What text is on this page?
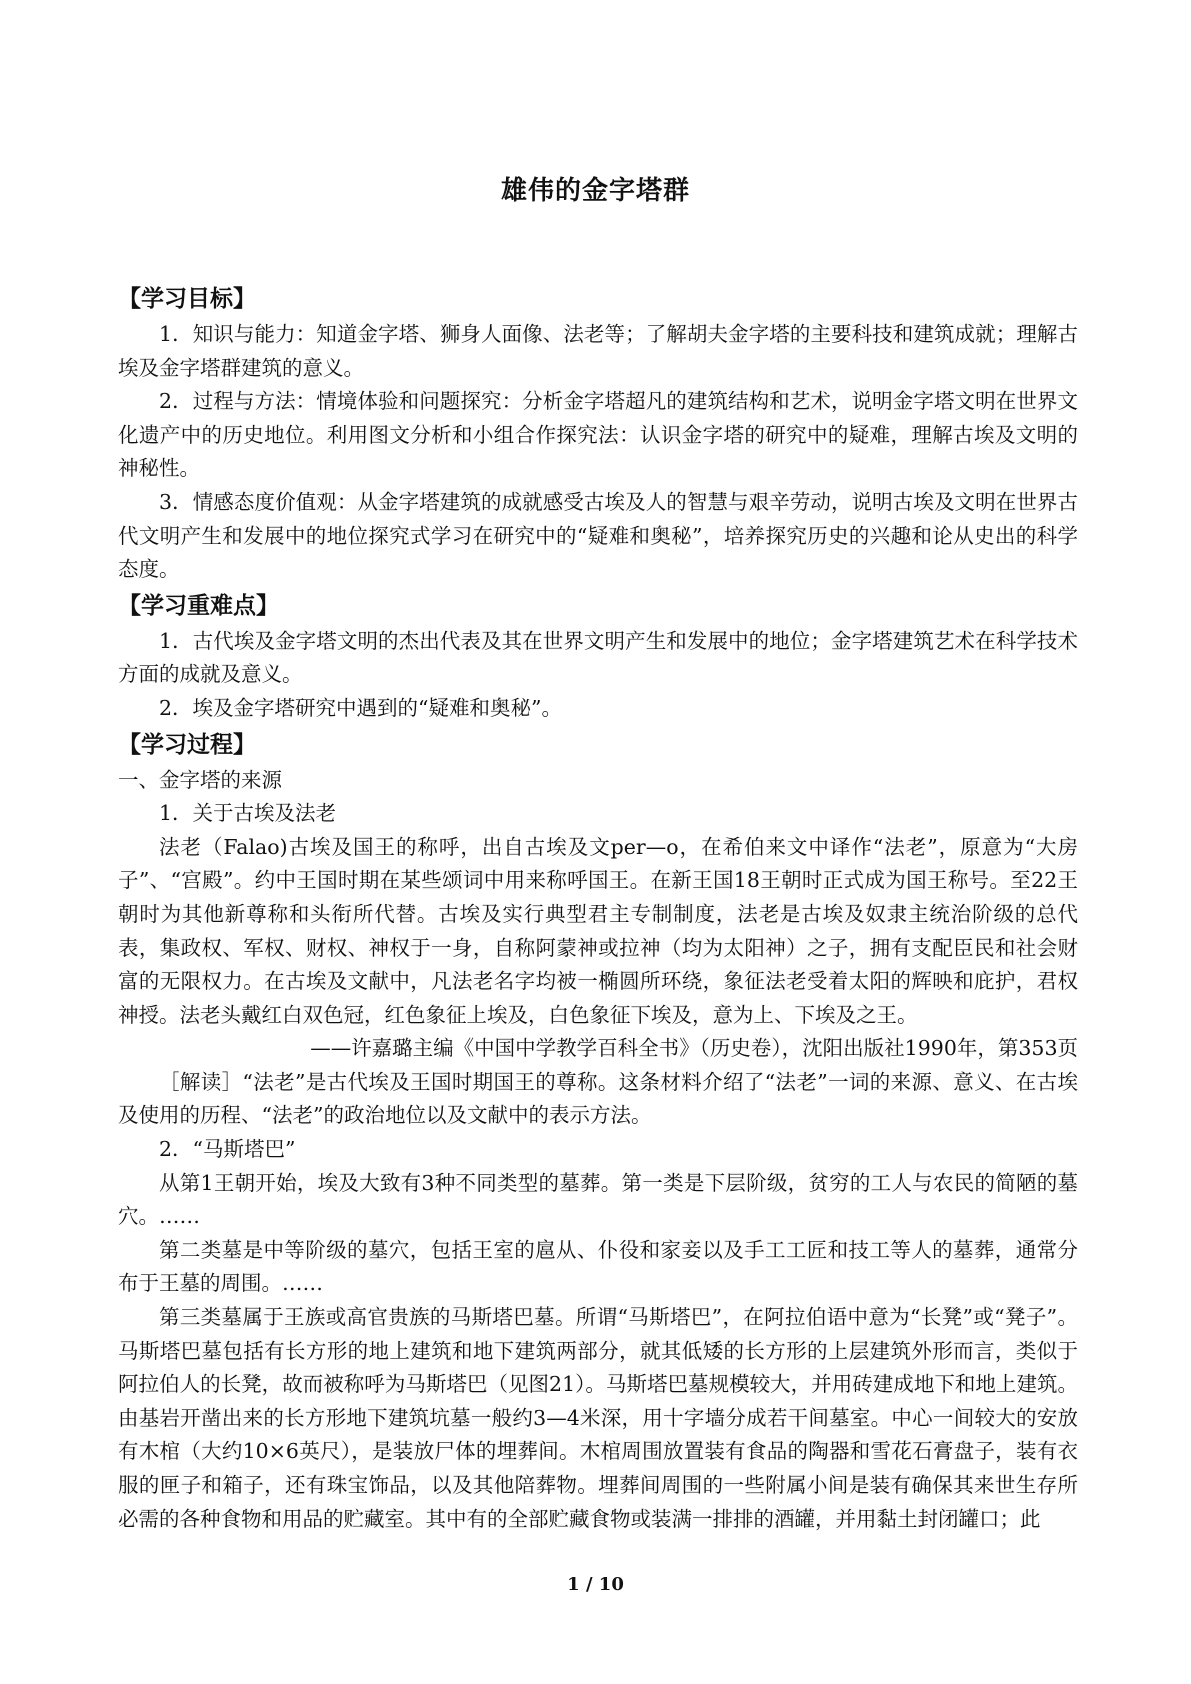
雄伟的金字塔群
【学习目标】

1．知识与能力：知道金字塔、狮身人面像、法老等；了解胡夫金字塔的主要科技和建筑成就；理解古埃及金字塔群建筑的意义。

2．过程与方法：情境体验和问题探究：分析金字塔超凡的建筑结构和艺术，说明金字塔文明在世界文化遗产中的历史地位。利用图文分析和小组合作探究法：认识金字塔的研究中的疑难，理解古埃及文明的神秘性。

3．情感态度价值观：从金字塔建筑的成就感受古埃及人的智慧与艰辛劳动，说明古埃及文明在世界古代文明产生和发展中的地位探究式学习在研究中的“疑难和奥秘”，培养探究历史的兴趣和论从史出的科学态度。

【学习重难点】

1．古代埃及金字塔文明的杰出代表及其在世界文明产生和发展中的地位；金字塔建筑艺术在科学技术方面的成就及意义。

2．埃及金字塔研究中遇到的“疑难和奥秘”。

【学习过程】

一、金字塔的来源

1．关于古埃及法老

法老（Falao)古埃及国王的称呼，出自古埃及文per—o，在希伯来文中译作“法老”，原意为“大房子”、“宫殿”。约中王国时期在某些颂词中用来称呼国王。在新王国18王朝时正式成为国王称号。至22王朝时为其他新尊称和头衔所代替。古埃及实行典型君主专制制度，法老是古埃及奴隶主统治阶级的总代表，集政权、军权、财权、神权于一身，自称阿蒙神或拉神（均为太阳神）之子，拥有支配臣民和社会财富的无限权力。在古埃及文献中，凡法老名字均被一椭圆所环绕，象征法老受着太阳的辉映和庇护，君权神授。法老头戴红白双色冠，红色象征上埃及，白色象征下埃及，意为上、下埃及之王。

——许嘉璐主编《中国中学教学百科全书》（历史卷），沈阳出版社1990年，第353页

［解读］“法老”是古代埃及王国时期国王的尊称。这条材料介绍了“法老”一词的来源、意义、在古埃及使用的历程、“法老”的政治地位以及文献中的表示方法。

2．“马斯塔巴”

从第1王朝开始，埃及大致有3种不同类型的墓葬。第一类是下层阶级，贫穷的工人与农民的简陋的墓穴。……

第二类墓是中等阶级的墓穴，包括王室的扈从、仆役和家妾以及手工工匠和技工等人的墓葬，通常分布于王墓的周围。……

第三类墓属于王族或高官贵族的马斯塔巴墓。所谓“马斯塔巴”，在阿拉伯语中意为“长凳”或“凳子”。马斯塔巴墓包括有长方形的地上建筑和地下建筑两部分，就其低矮的长方形的上层建筑外形而言，类似于阿拉伯人的长凳，故而被称呼为马斯塔巴（见图21）。马斯塔巴墓规模较大，并用砖建成地下和地上建筑。由基岩开凿出来的长方形地下建筑坑墓一般约3—4米深，用十字墙分成若干间墓室。中心一间较大的安放有木棺（大约10×6英尺），是装放尸体的埋葬间。木棺周围放置装有食品的陶器和雪花石膏盘子，装有衣服的匣子和箱子，还有珠宝饰品，以及其他陪葬物。埋葬间周围的一些附属小间是装有确保其来世生存所必需的各种食物和用品的贮藏室。其中有的全部贮藏食物或装满一排排的酒罐，并用黏土封闭罐口；此

1 / 10
